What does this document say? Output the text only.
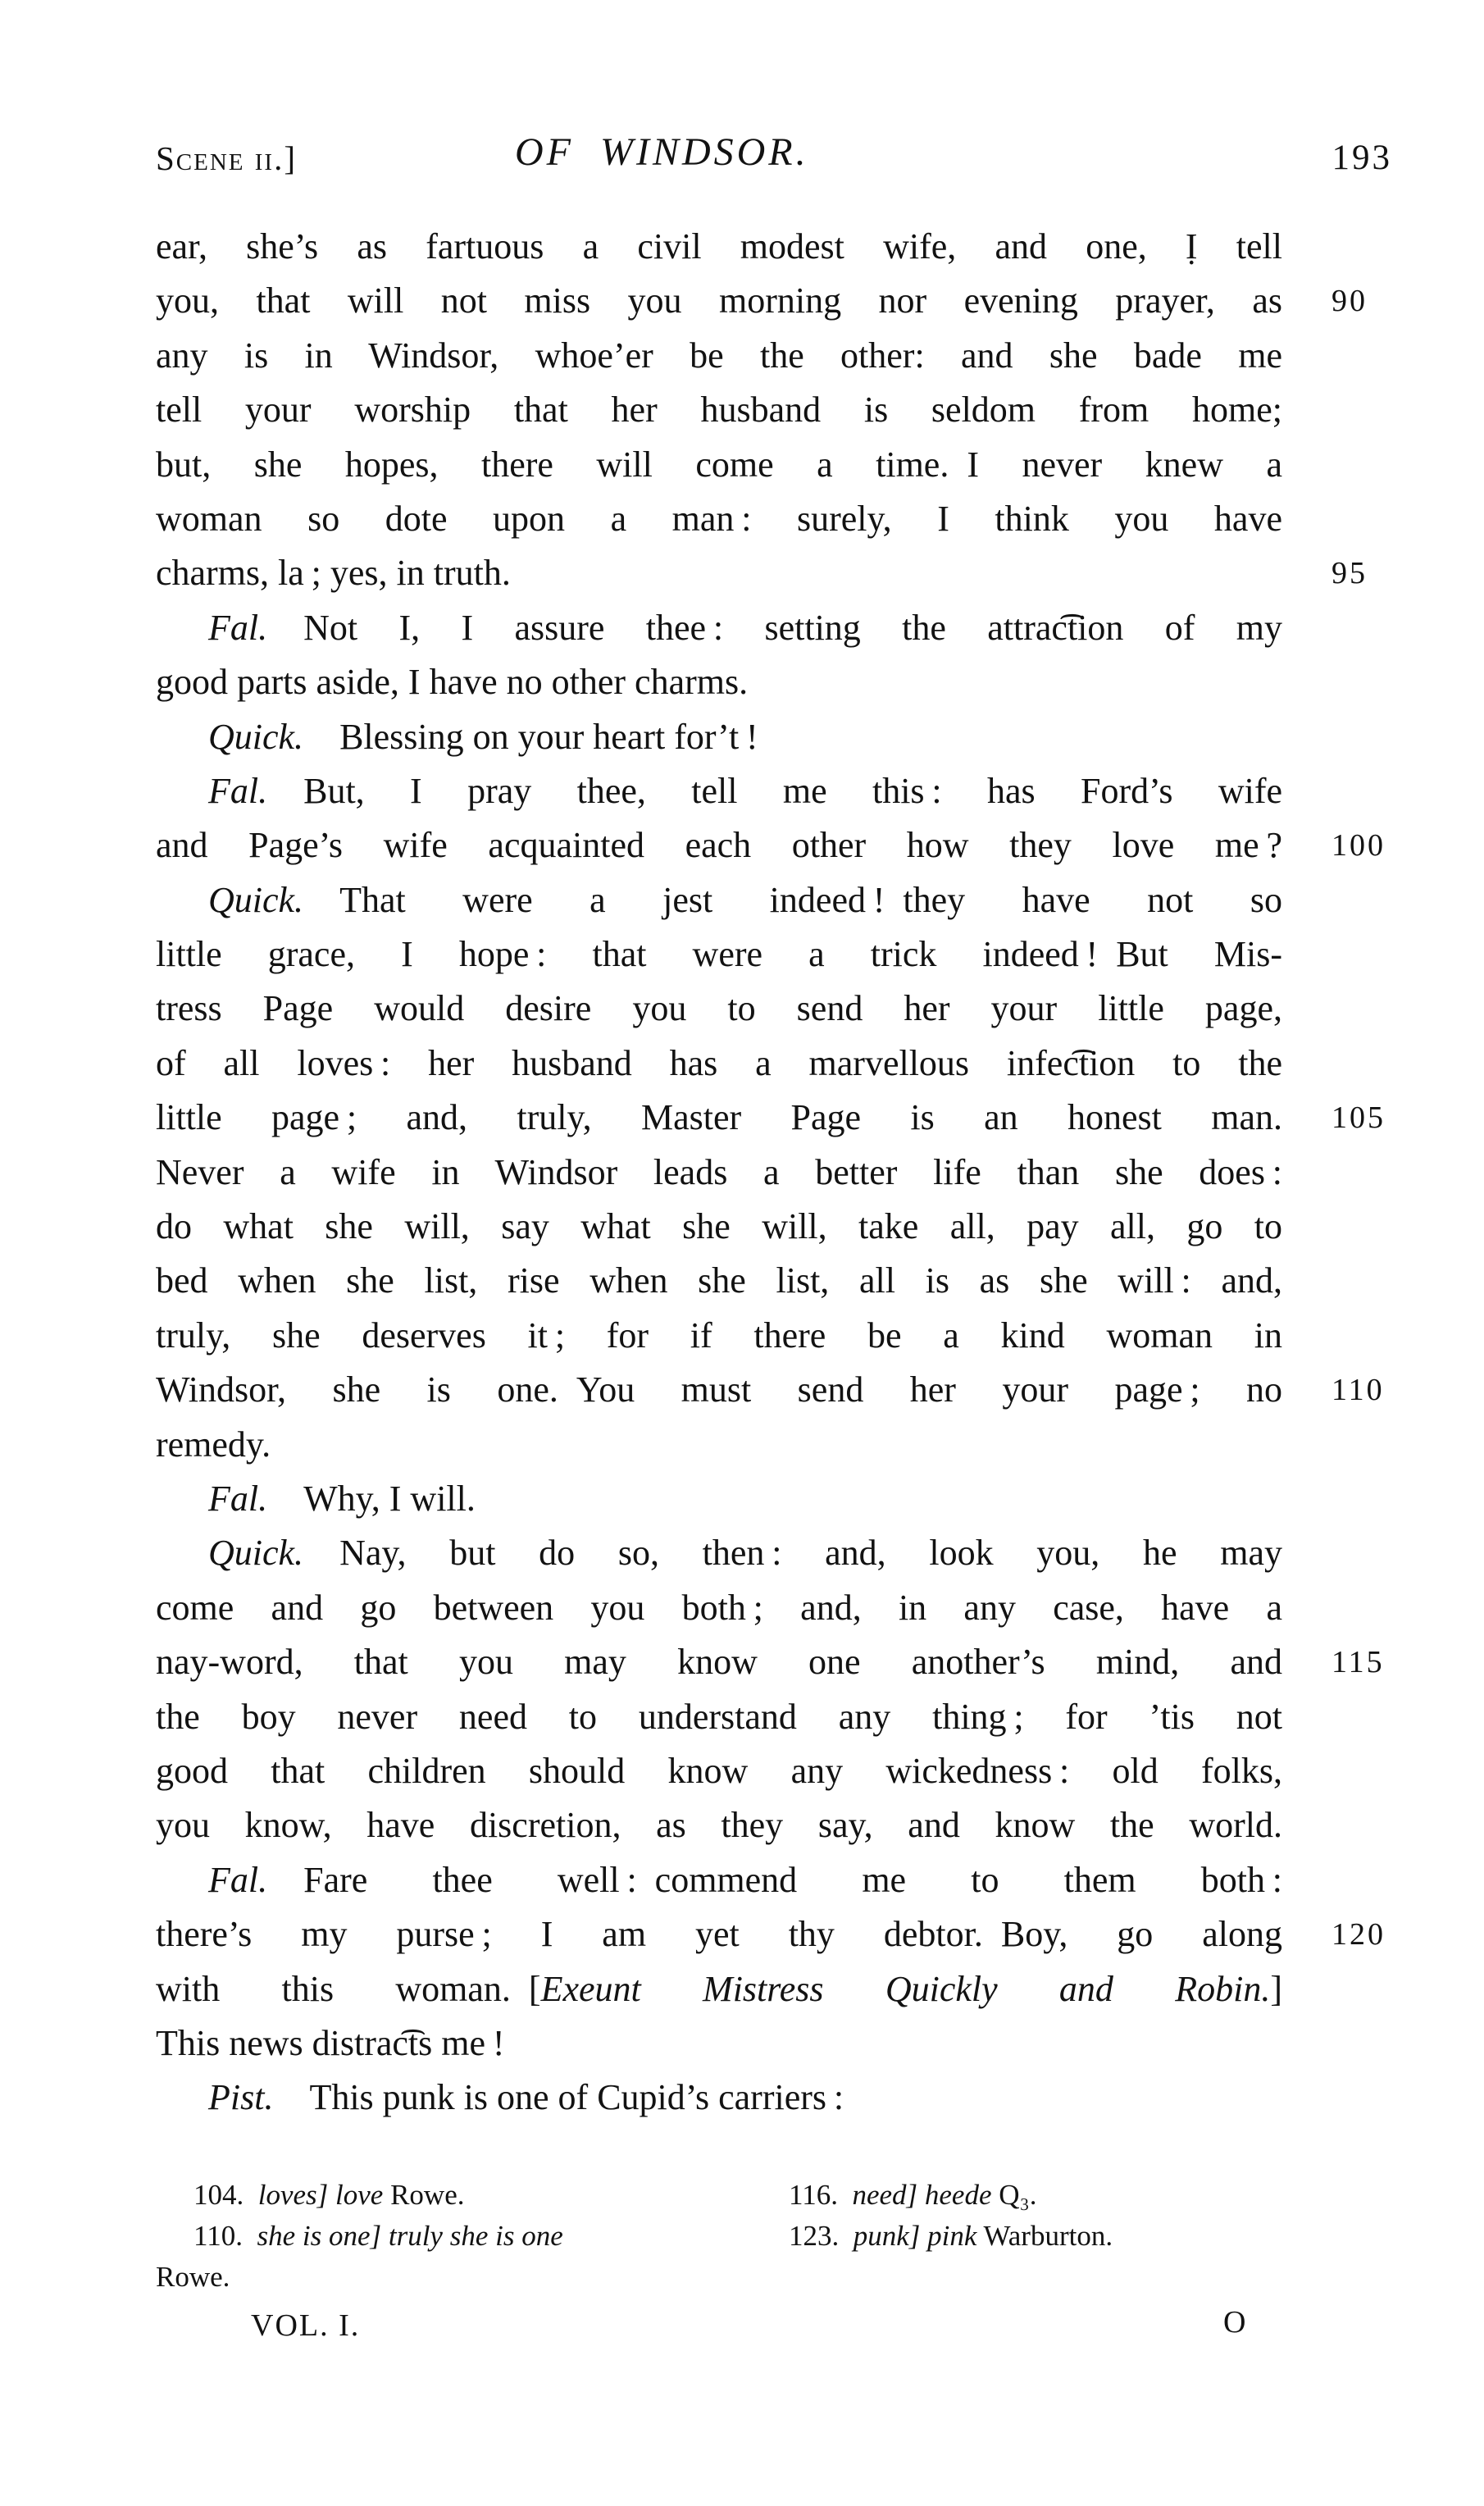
Scene ii.]	OF WINDSOR.	193
ear, she’s as fartuous a civil modest wife, and one, Ị tell
you, that will not miss you morning nor evening prayer, as 90
any is in Windsor, whoe’er be the other: and she bade me
tell your worship that her husband is seldom from home;
but, she hopes, there will come a time. I never knew a
woman so dote upon a man : surely, I think you have
charms, la ; yes, in truth.	95
Fal. Not I, I assure thee : setting the attrac͡tion of my
good parts aside, I have no other charms.
Quick. Blessing on your heart for’t !
Fal. But, I pray thee, tell me this : has Ford’s wife
and Page’s wife acquainted each other how they love me ? 100
Quick. That were a jest indeed ! they have not so
little grace, I hope : that were a trick indeed ! But Mis-
tress Page would desire you to send her your little page,
of all loves : her husband has a marvellous infec͡tion to the
little page ; and, truly, Master Page is an honest man. 105
Never a wife in Windsor leads a better life than she does :
do what she will, say what she will, take all, pay all, go to
bed when she list, rise when she list, all is as she will : and,
truly, she deserves it ; for if there be a kind woman in
Windsor, she is one. You must send her your page ; no 110
remedy.
Fal. Why, I will.
Quick. Nay, but do so, then : and, look you, he may
come and go between you both ; and, in any case, have a
nay-word, that you may know one another’s mind, and 115
the boy never need to understand any thing ; for ’tis not
good that children should know any wickedness : old folks,
you know, have discretion, as they say, and know the world.
Fal. Fare thee well : commend me to them both :
there’s my purse ; I am yet thy debtor. Boy, go along 120
with this woman. [Exeunt Mistress Quickly and Robin.]
This news distrac͡ts me !
Pist. This punk is one of Cupid’s carriers :
104. loves] love Rowe.
110. she is one] truly she is one
Rowe.
116. need] heede Q₃.
123. punk] pink Warburton.
VOL. I.	O
